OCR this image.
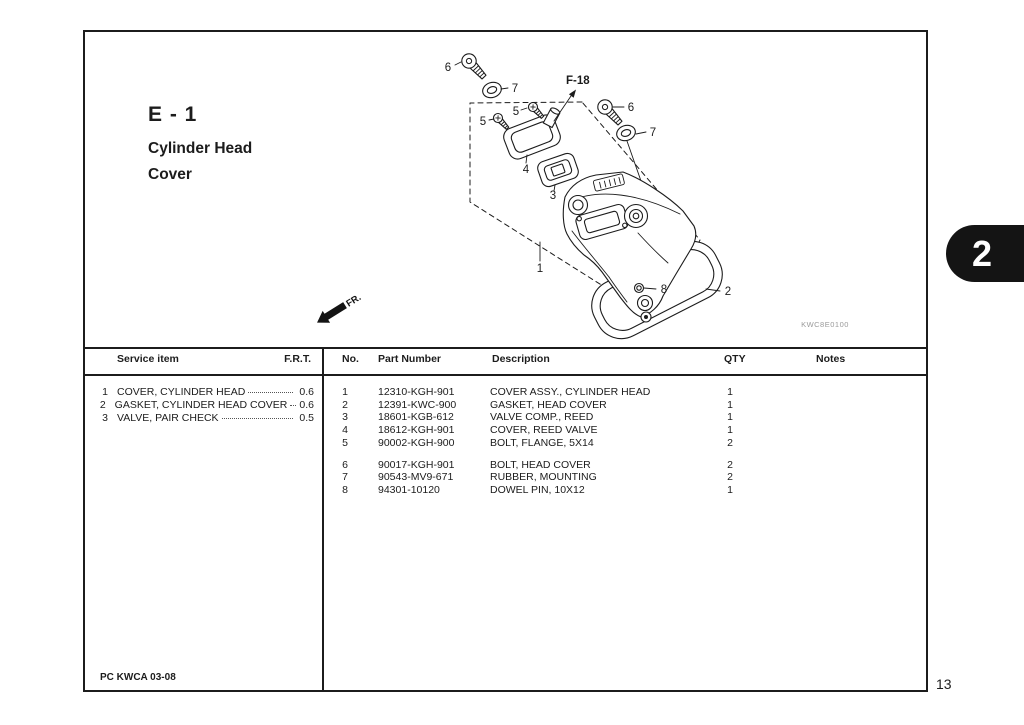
E - 1
Cylinder Head
Cover
1
2
3
4
5
5
6
6
7
7
8
F-18
FR.
KWC8E0100
Service item	F.R.T.	No. Part Number	Description	QTY	Notes
1 COVER, CYLINDER HEAD	0.6
2 GASKET, CYLINDER HEAD COVER 0.6
3 VALVE, PAIR CHECK	0.5
1	12310-KGH-901	COVER ASSY., CYLINDER HEAD	1
2	12391-KWC-900	GASKET, HEAD COVER	1
3	18601-KGB-612	VALVE COMP., REED	1
4	18612-KGH-901	COVER, REED VALVE	1
5	90002-KGH-900	BOLT, FLANGE, 5X14	2
6	90017-KGH-901	BOLT, HEAD COVER	2
7	90543-MV9-671	RUBBER, MOUNTING	2
8	94301-10120	DOWEL PIN, 10X12	1
PC KWCA 03-08	13
2
